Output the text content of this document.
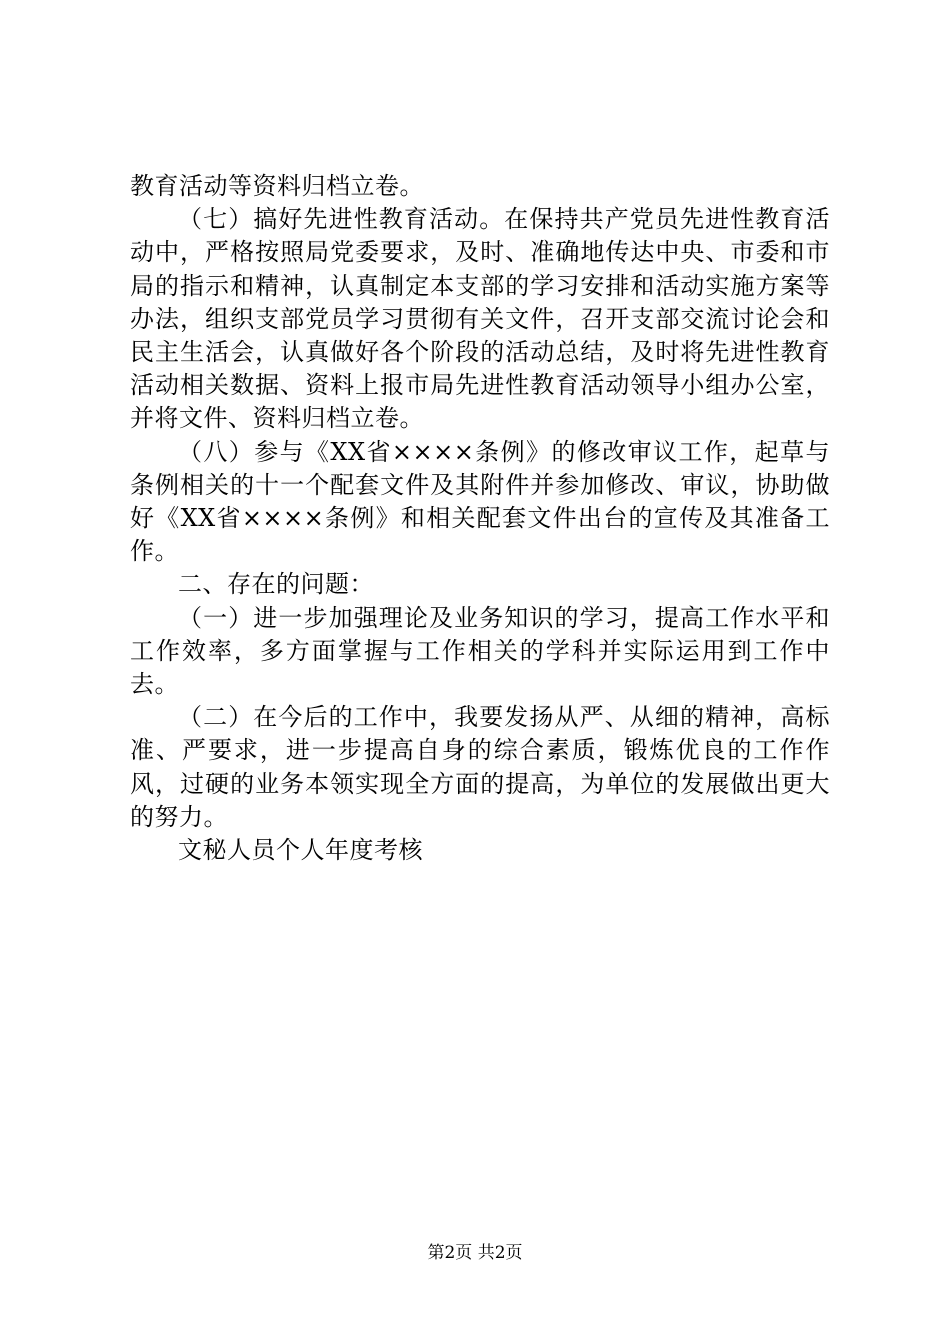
教育活动等资料归档立卷。

（七）搞好先进性教育活动。在保持共产党员先进性教育活动中，严格按照局党委要求，及时、准确地传达中央、市委和市局的指示和精神，认真制定本支部的学习安排和活动实施方案等办法，组织支部党员学习贯彻有关文件，召开支部交流讨论会和民主生活会，认真做好各个阶段的活动总结，及时将先进性教育活动相关数据、资料上报市局先进性教育活动领导小组办公室，并将文件、资料归档立卷。

（八）参与《XX省××××条例》的修改审议工作，起草与条例相关的十一个配套文件及其附件并参加修改、审议，协助做好《XX省××××条例》和相关配套文件出台的宣传及其准备工作。

二、存在的问题：

（一）进一步加强理论及业务知识的学习，提高工作水平和工作效率，多方面掌握与工作相关的学科并实际运用到工作中去。

（二）在今后的工作中，我要发扬从严、从细的精神，高标准、严要求，进一步提高自身的综合素质，锻炼优良的工作作风，过硬的业务本领实现全方面的提高，为单位的发展做出更大的努力。

文秘人员个人年度考核

第2页 共2页
